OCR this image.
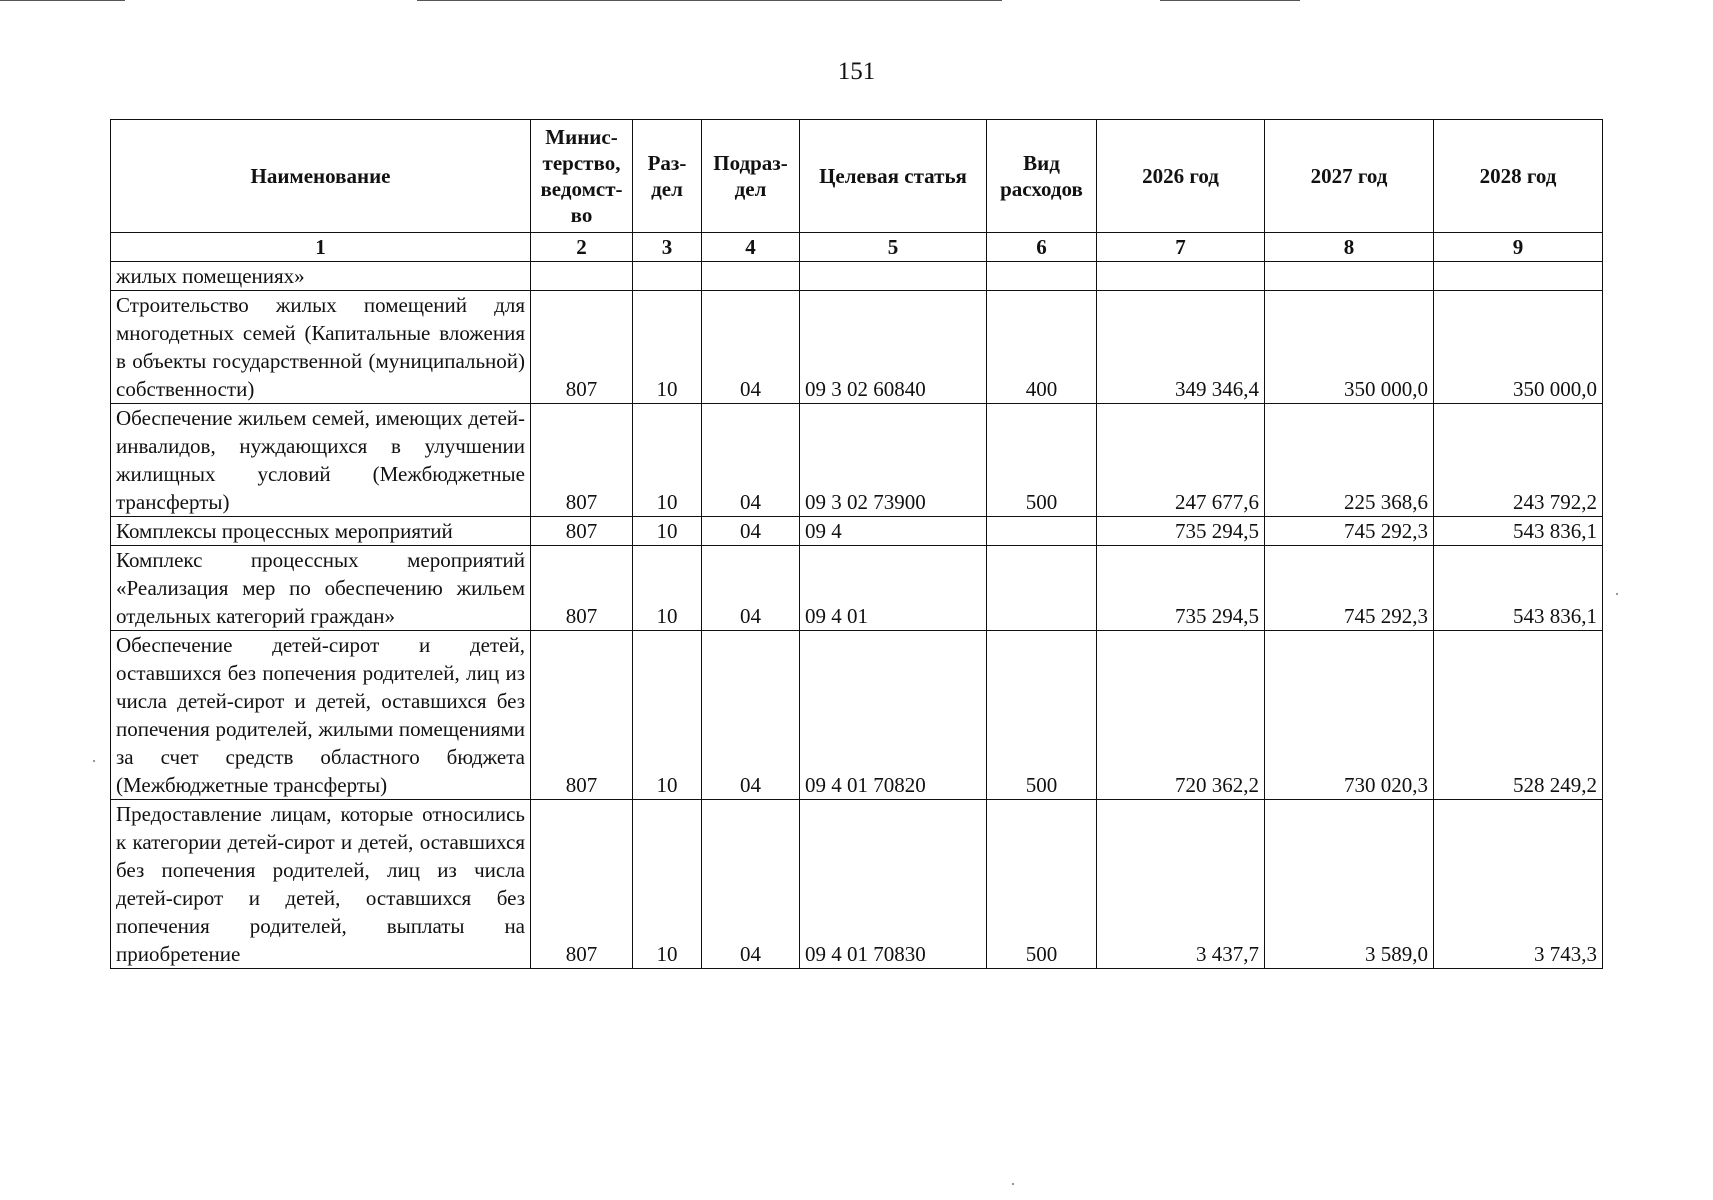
151
Наименование	Минис-терство, ведомст-во	Раз-дел	Подраз-дел	Целевая статья	Вид расходов	2026 год	2027 год	2028 год
1	2	3	4	5	6	7	8	9
жилых помещениях»								
Строительство жилых помещений для многодетных семей (Капитальные вложения в объекты государственной (муниципальной) собственности)	807	10	04	09 3 02 60840	400	349 346,4	350 000,0	350 000,0
Обеспечение жильем семей, имеющих детей-инвалидов, нуждающихся в улучшении жилищных условий (Межбюджетные трансферты)	807	10	04	09 3 02 73900	500	247 677,6	225 368,6	243 792,2
Комплексы процессных мероприятий	807	10	04	09 4		735 294,5	745 292,3	543 836,1
Комплекс процессных мероприятий «Реализация мер по обеспечению жильем отдельных категорий граждан»	807	10	04	09 4 01		735 294,5	745 292,3	543 836,1
Обеспечение детей-сирот и детей, оставшихся без попечения родителей, лиц из числа детей-сирот и детей, оставшихся без попечения родителей, жилыми помещениями за счет средств областного бюджета (Межбюджетные трансферты)	807	10	04	09 4 01 70820	500	720 362,2	730 020,3	528 249,2
Предоставление лицам, которые относились к категории детей-сирот и детей, оставшихся без попечения родителей, лиц из числа детей-сирот и детей, оставшихся без попечения родителей, выплаты на приобретение	807	10	04	09 4 01 70830	500	3 437,7	3 589,0	3 743,3
